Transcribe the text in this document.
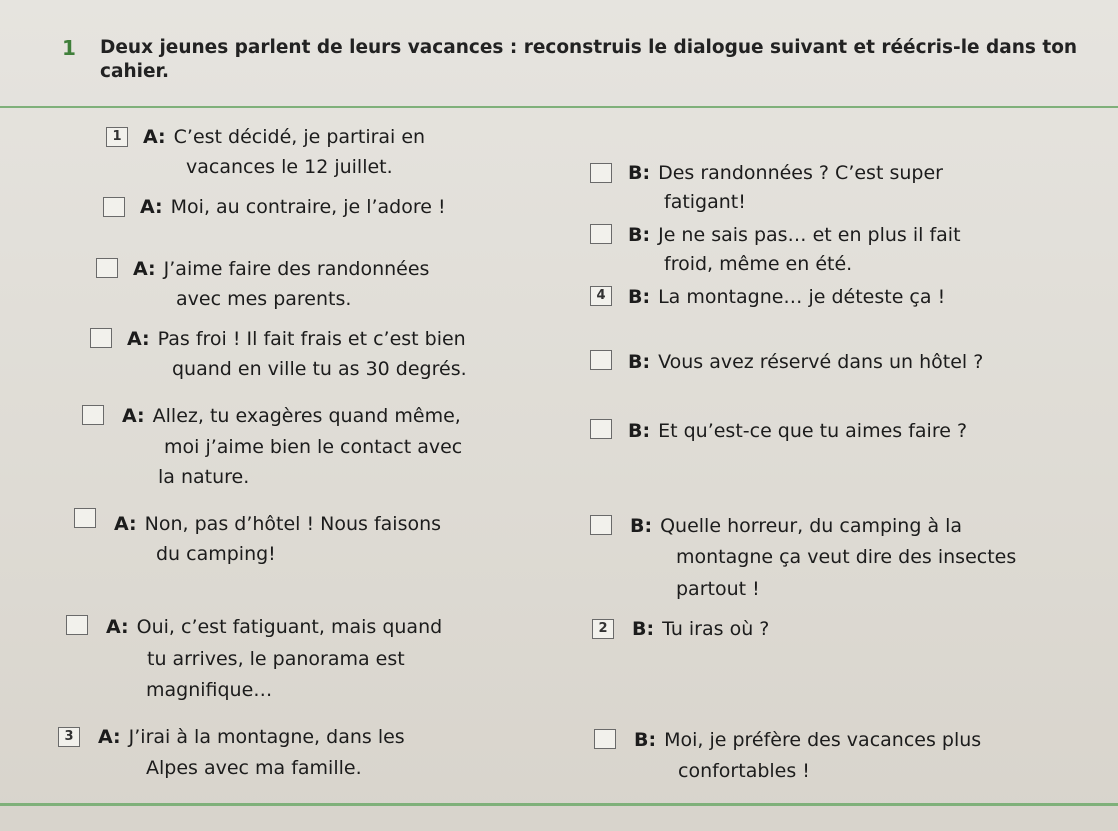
1	Deux jeunes parlent de leurs vacances : reconstruis le dialogue suivant et réécris-le dans ton cahier.
1	A: C’est décidé, je partirai en
vacances le 12 juillet.
A: Moi, au contraire, je l’adore !
A: J’aime faire des randonnées
avec mes parents.
A: Pas froi ! Il fait frais et c’est bien
quand en ville tu as 30 degrés.
A: Allez, tu exagères quand même,
moi j’aime bien le contact avec
la nature.
A: Non, pas d’hôtel ! Nous faisons
du camping!
A: Oui, c’est fatiguant, mais quand
tu arrives, le panorama est
magnifique…
3	A: J’irai à la montagne, dans les
Alpes avec ma famille.
B: Des randonnées ? C’est super
fatigant!
B: Je ne sais pas… et en plus il fait
froid, même en été.
4	B: La montagne… je déteste ça !
B: Vous avez réservé dans un hôtel ?
B: Et qu’est-ce que tu aimes faire ?
B: Quelle horreur, du camping à la
montagne ça veut dire des insectes
partout !
2	B: Tu iras où ?
B: Moi, je préfère des vacances plus
confortables !
